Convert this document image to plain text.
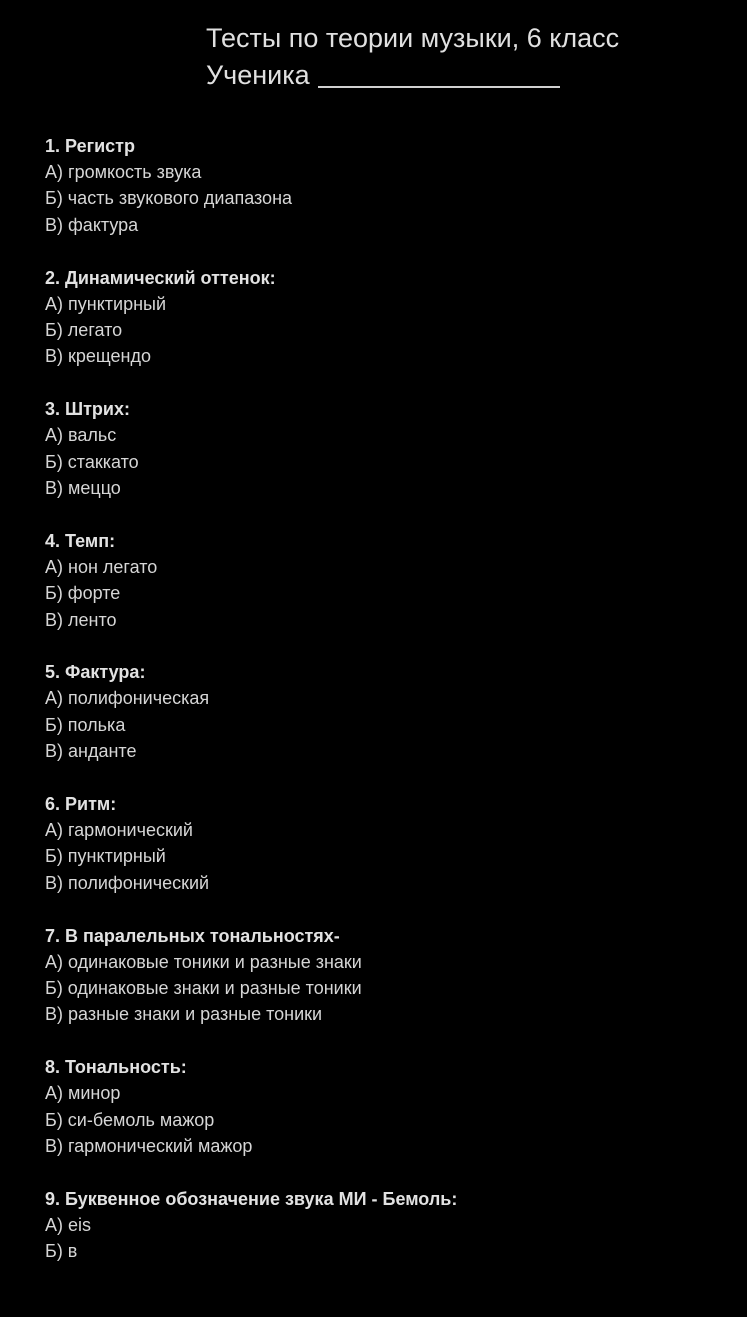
Тесты по теории музыки, 6 класс
Ученика
1. Регистр
А) громкость звука
Б) часть звукового диапазона
В) фактура
2. Динамический оттенок:
А) пунктирный
Б) легато
В) крещендо
3. Штрих:
А) вальс
Б) стаккато
В) меццо
4. Темп:
А) нон легато
Б) форте
В) ленто
5. Фактура:
А) полифоническая
Б) полька
В) анданте
6. Ритм:
А) гармонический
Б) пунктирный
В) полифонический
7. В паралельных тональностях-
А) одинаковые тоники и разные знаки
Б) одинаковые знаки и разные тоники
В) разные знаки и разные тоники
8. Тональность:
А) минор
Б) си-бемоль мажор
В) гармонический мажор
9. Буквенное обозначение звука МИ - Бемоль:
А) eis
Б) в
